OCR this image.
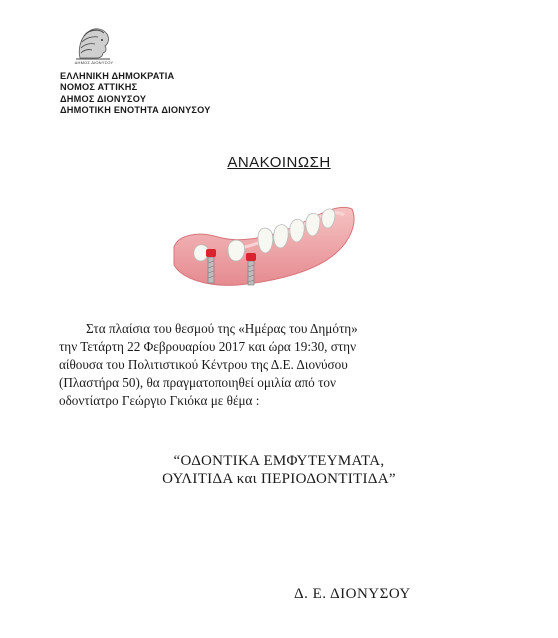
ΔΗΜΟΣ ΔΙΟΝΥΣΟΥ
ΕΛΛΗΝΙΚΗ ΔΗΜΟΚΡΑΤΙΑ
ΝΟΜΟΣ ΑΤΤΙΚΗΣ
ΔΗΜΟΣ ΔΙΟΝΥΣΟΥ
ΔΗΜΟΤΙΚΗ ΕΝΟΤΗΤΑ ΔΙΟΝΥΣΟΥ
ΑΝΑΚΟΙΝΩΣΗ
Στα πλαίσια του θεσμού της «Ημέρας του Δημότη»
την Τετάρτη 22 Φεβρουαρίου 2017 και ώρα 19:30, στην
αίθουσα του Πολιτιστικού Κέντρου της Δ.Ε. Διονύσου
(Πλαστήρα 50), θα πραγματοποιηθεί ομιλία από τον
οδοντίατρο Γεώργιο Γκιόκα με θέμα :
“ΟΔΟΝΤΙΚΑ ΕΜΦΥΤΕΥΜΑΤΑ,
ΟΥΛΙΤΙΔΑ και ΠΕΡΙΟΔΟΝΤΙΤΙΔΑ”
Δ. Ε. ΔΙΟΝΥΣΟΥ
